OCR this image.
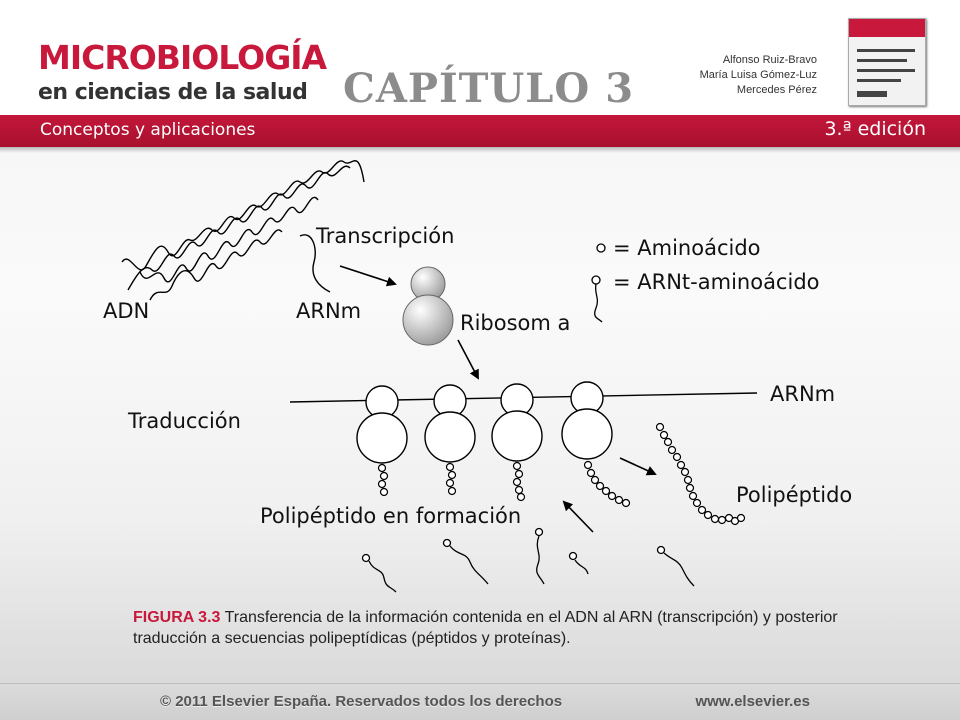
MICROBIOLOGÍA
en ciencias de la salud CAPÍTULO 3
Alfonso Ruiz-Bravo
María Luisa Gómez-Luz
Mercedes Pérez
Conceptos y aplicaciones	3.ª edición
Transcripción
ADN	ARNm	Ribosom a
= Aminoácido
= ARNt-aminoácido
Traducción
ARNm
Polipéptido
Polipéptido en formación
FIGURA 3.3 Transferencia de la información contenida en el ADN al ARN (transcripción) y posterior traducción a secuencias polipeptídicas (péptidos y proteínas).
© 2011 Elsevier España. Reservados todos los derechos	www.elsevier.es
